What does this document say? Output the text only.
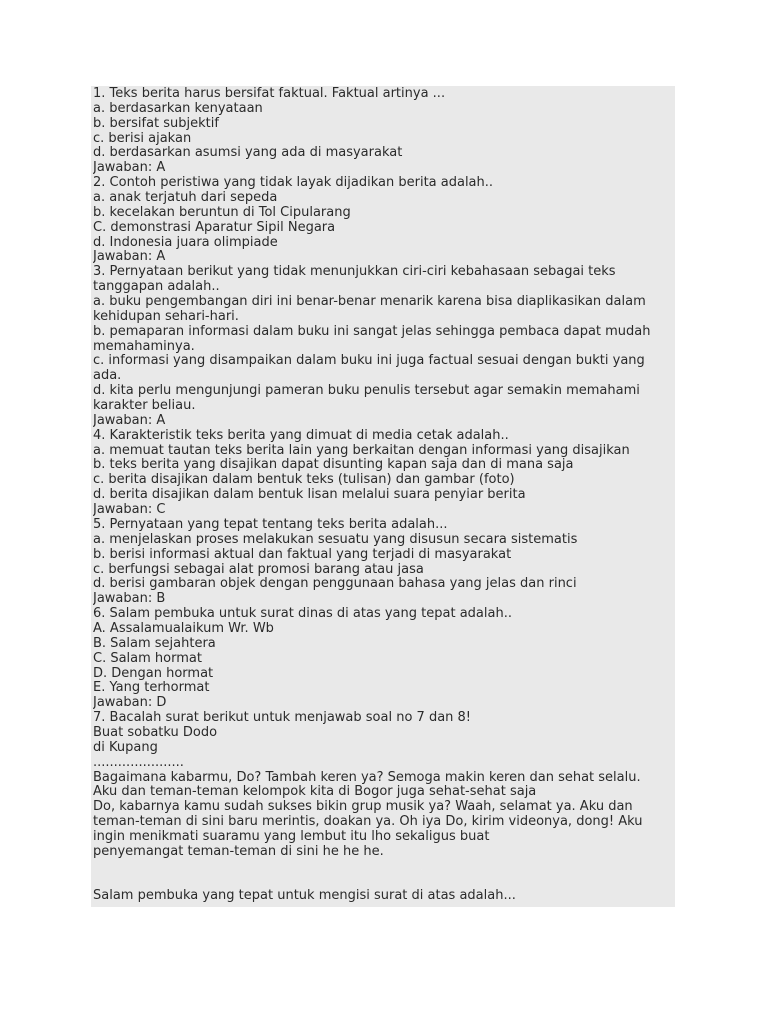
1. Teks berita harus bersifat faktual. Faktual artinya ...
a. berdasarkan kenyataan
b. bersifat subjektif
c. berisi ajakan
d. berdasarkan asumsi yang ada di masyarakat
Jawaban: A
2. Contoh peristiwa yang tidak layak dijadikan berita adalah..
a. anak terjatuh dari sepeda
b. kecelakan beruntun di Tol Cipularang
C. demonstrasi Aparatur Sipil Negara
d. Indonesia juara olimpiade
Jawaban: A
3. Pernyataan berikut yang tidak menunjukkan ciri-ciri kebahasaan sebagai teks
tanggapan adalah..
a. buku pengembangan diri ini benar-benar menarik karena bisa diaplikasikan dalam
kehidupan sehari-hari.
b. pemaparan informasi dalam buku ini sangat jelas sehingga pembaca dapat mudah
memahaminya.
c. informasi yang disampaikan dalam buku ini juga factual sesuai dengan bukti yang
ada.
d. kita perlu mengunjungi pameran buku penulis tersebut agar semakin memahami
karakter beliau.
Jawaban: A
4. Karakteristik teks berita yang dimuat di media cetak adalah..
a. memuat tautan teks berita lain yang berkaitan dengan informasi yang disajikan
b. teks berita yang disajikan dapat disunting kapan saja dan di mana saja
c. berita disajikan dalam bentuk teks (tulisan) dan gambar (foto)
d. berita disajikan dalam bentuk lisan melalui suara penyiar berita
Jawaban: C
5. Pernyataan yang tepat tentang teks berita adalah...
a. menjelaskan proses melakukan sesuatu yang disusun secara sistematis
b. berisi informasi aktual dan faktual yang terjadi di masyarakat
c. berfungsi sebagai alat promosi barang atau jasa
d. berisi gambaran objek dengan penggunaan bahasa yang jelas dan rinci
Jawaban: B
6. Salam pembuka untuk surat dinas di atas yang tepat adalah..
A. Assalamualaikum Wr. Wb
B. Salam sejahtera
C. Salam hormat
D. Dengan hormat
E. Yang terhormat
Jawaban: D
7. Bacalah surat berikut untuk menjawab soal no 7 dan 8!
Buat sobatku Dodo
di Kupang
......................
Bagaimana kabarmu, Do? Tambah keren ya? Semoga makin keren dan sehat selalu.
Aku dan teman-teman kelompok kita di Bogor juga sehat-sehat saja
Do, kabarnya kamu sudah sukses bikin grup musik ya? Waah, selamat ya. Aku dan
teman-teman di sini baru merintis, doakan ya. Oh iya Do, kirim videonya, dong! Aku
ingin menikmati suaramu yang lembut itu lho sekaligus buat
penyemangat teman-teman di sini he he he.
Salam pembuka yang tepat untuk mengisi surat di atas adalah...
